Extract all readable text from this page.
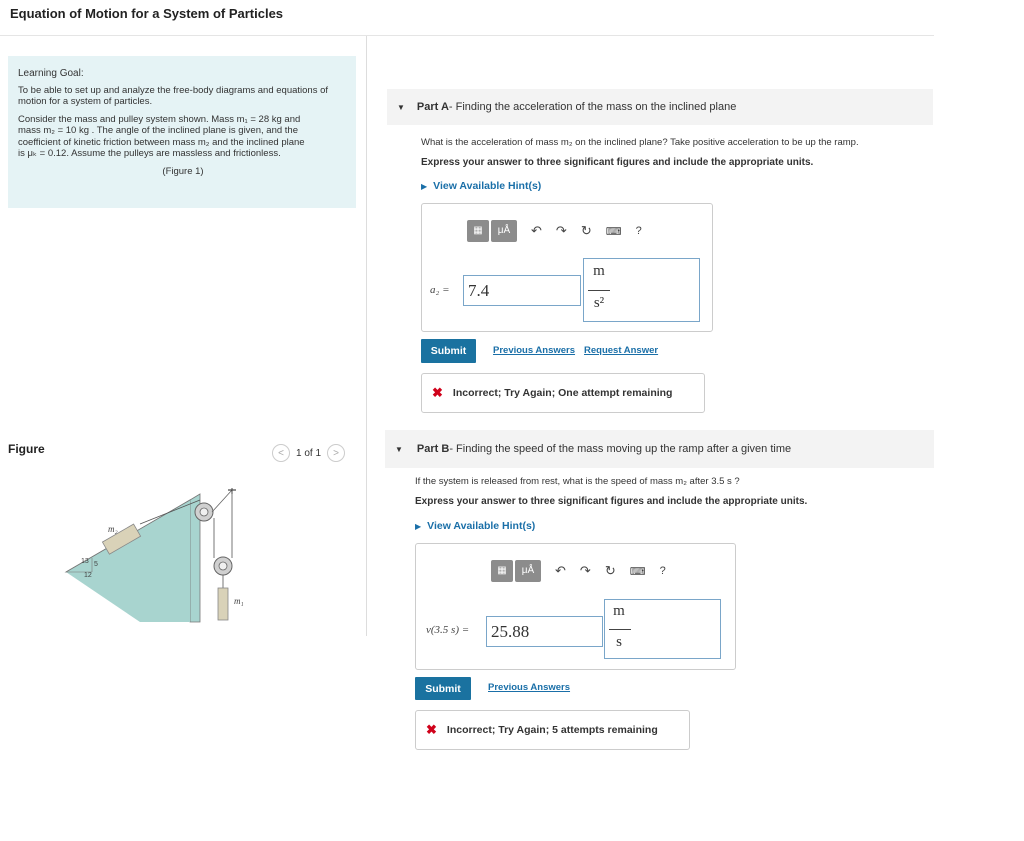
Equation of Motion for a System of Particles

Learning Goal:

To be able to set up and analyze the free-body diagrams and equations of motion for a system of particles.

Consider the mass and pulley system shown. Mass m₁ = 28 kg and

mass m₂ = 10 kg . The angle of the inclined plane is given, and the

coefficient of kinetic friction between mass m₂ and the inclined plane

is μₖ = 0.12. Assume the pulleys are massless and frictionless.

(Figure 1)

Figure	<	1 of 1	>
m₂
m₁
13 5
12
▼ Part A - Finding the acceleration of the mass on the inclined plane
What is the acceleration of mass m₂ on the inclined plane? Take positive acceleration to be up the ramp.
Express your answer to three significant figures and include the appropriate units.
▶ View Available Hint(s)
▦	μÅ	↶ ↷ ↻ ⌨ ?
a₂ = 7.4
m
s²
Submit	Previous Answers Request Answer
✖ Incorrect; Try Again; One attempt remaining
▼ Part B - Finding the speed of the mass moving up the ramp after a given time
If the system is released from rest, what is the speed of mass m₂ after 3.5 s ?
Express your answer to three significant figures and include the appropriate units.
▶ View Available Hint(s)
▦	μÅ	↶ ↷ ↻ ⌨ ?
v(3.5 s) = 25.88
m
s
Submit	Previous Answers
✖ Incorrect; Try Again; 5 attempts remaining
